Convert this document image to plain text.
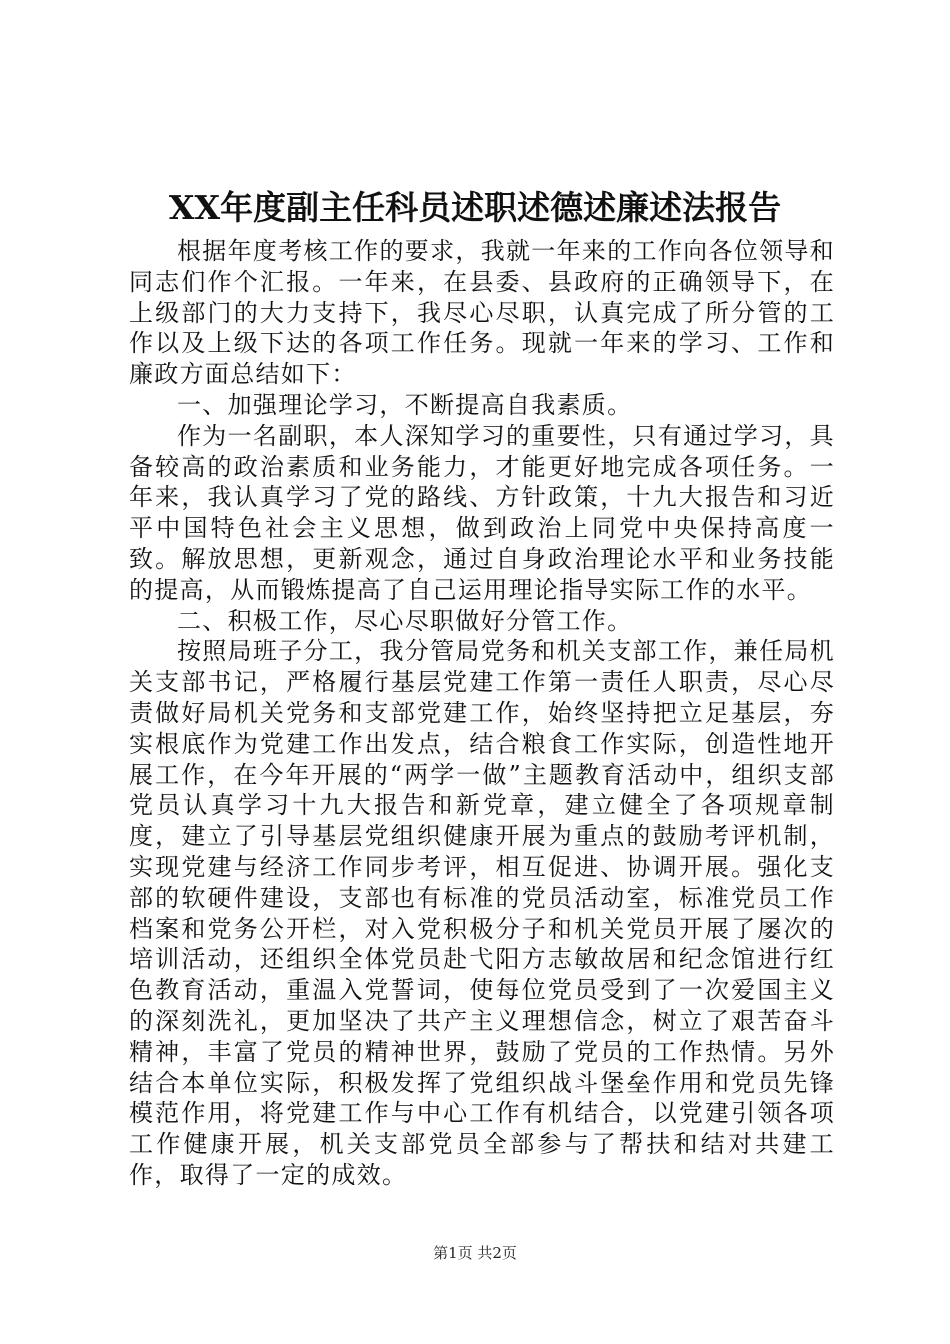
XX年度副主任科员述职述德述廉述法报告

根据年度考核工作的要求，我就一年来的工作向各位领导和同志们作个汇报。一年来，在县委、县政府的正确领导下，在上级部门的大力支持下，我尽心尽职，认真完成了所分管的工作以及上级下达的各项工作任务。现就一年来的学习、工作和廉政方面总结如下：

一、加强理论学习，不断提高自我素质。

作为一名副职，本人深知学习的重要性，只有通过学习，具备较高的政治素质和业务能力，才能更好地完成各项任务。一年来，我认真学习了党的路线、方针政策，十九大报告和习近平中国特色社会主义思想，做到政治上同党中央保持高度一致。解放思想，更新观念，通过自身政治理论水平和业务技能的提高，从而锻炼提高了自己运用理论指导实际工作的水平。

二、积极工作，尽心尽职做好分管工作。

按照局班子分工，我分管局党务和机关支部工作，兼任局机关支部书记，严格履行基层党建工作第一责任人职责，尽心尽责做好局机关党务和支部党建工作，始终坚持把立足基层，夯实根底作为党建工作出发点，结合粮食工作实际，创造性地开展工作，在今年开展的“两学一做”主题教育活动中，组织支部党员认真学习十九大报告和新党章，建立健全了各项规章制度，建立了引导基层党组织健康开展为重点的鼓励考评机制，实现党建与经济工作同步考评，相互促进、协调开展。强化支部的软硬件建设，支部也有标准的党员活动室，标准党员工作档案和党务公开栏，对入党积极分子和机关党员开展了屡次的培训活动，还组织全体党员赴弋阳方志敏故居和纪念馆进行红色教育活动，重温入党誓词，使每位党员受到了一次爱国主义的深刻洗礼，更加坚决了共产主义理想信念，树立了艰苦奋斗精神，丰富了党员的精神世界，鼓励了党员的工作热情。另外结合本单位实际，积极发挥了党组织战斗堡垒作用和党员先锋模范作用，将党建工作与中心工作有机结合，以党建引领各项工作健康开展，机关支部党员全部参与了帮扶和结对共建工作，取得了一定的成效。

第1页 共2页
